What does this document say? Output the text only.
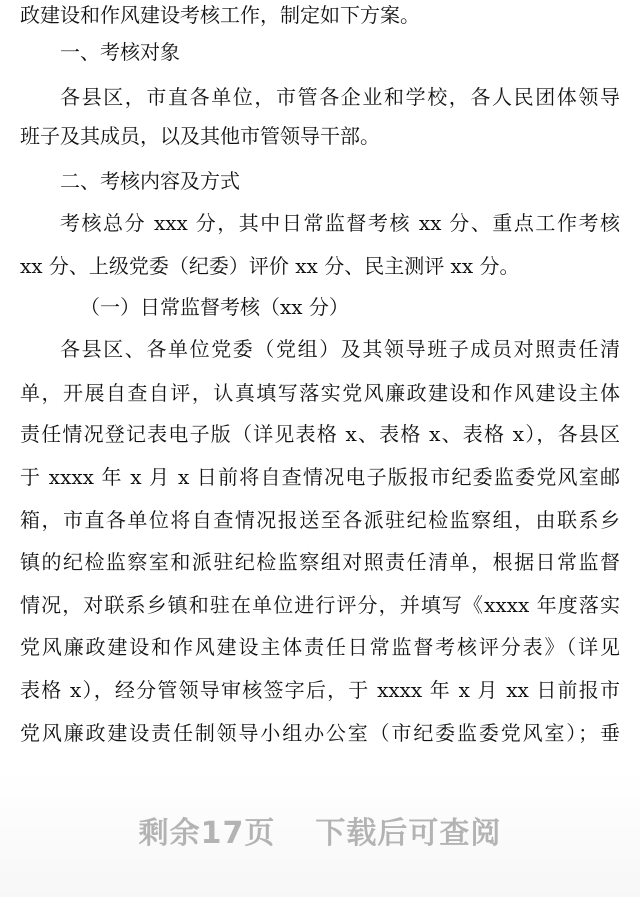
政建设和作风建设考核工作，制定如下方案。
一、考核对象
各县区，市直各单位，市管各企业和学校，各人民团体领导
班子及其成员，以及其他市管领导干部。
二、考核内容及方式
考核总分 xxx 分，其中日常监督考核 xx 分、重点工作考核
xx 分、上级党委（纪委）评价 xx 分、民主测评 xx 分。
（一）日常监督考核（xx 分）
各县区、各单位党委（党组）及其领导班子成员对照责任清
单，开展自查自评，认真填写落实党风廉政建设和作风建设主体
责任情况登记表电子版（详见表格 x、表格 x、表格 x），各县区
于 xxxx 年 x 月 x 日前将自查情况电子版报市纪委监委党风室邮
箱，市直各单位将自查情况报送至各派驻纪检监察组，由联系乡
镇的纪检监察室和派驻纪检监察组对照责任清单，根据日常监督
情况，对联系乡镇和驻在单位进行评分，并填写《xxxx 年度落实
党风廉政建设和作风建设主体责任日常监督考核评分表》（详见
表格 x），经分管领导审核签字后，于 xxxx 年 x 月 xx 日前报市
党风廉政建设责任制领导小组办公室（市纪委监委党风室）；垂
剩余17页 下载后可查阅
